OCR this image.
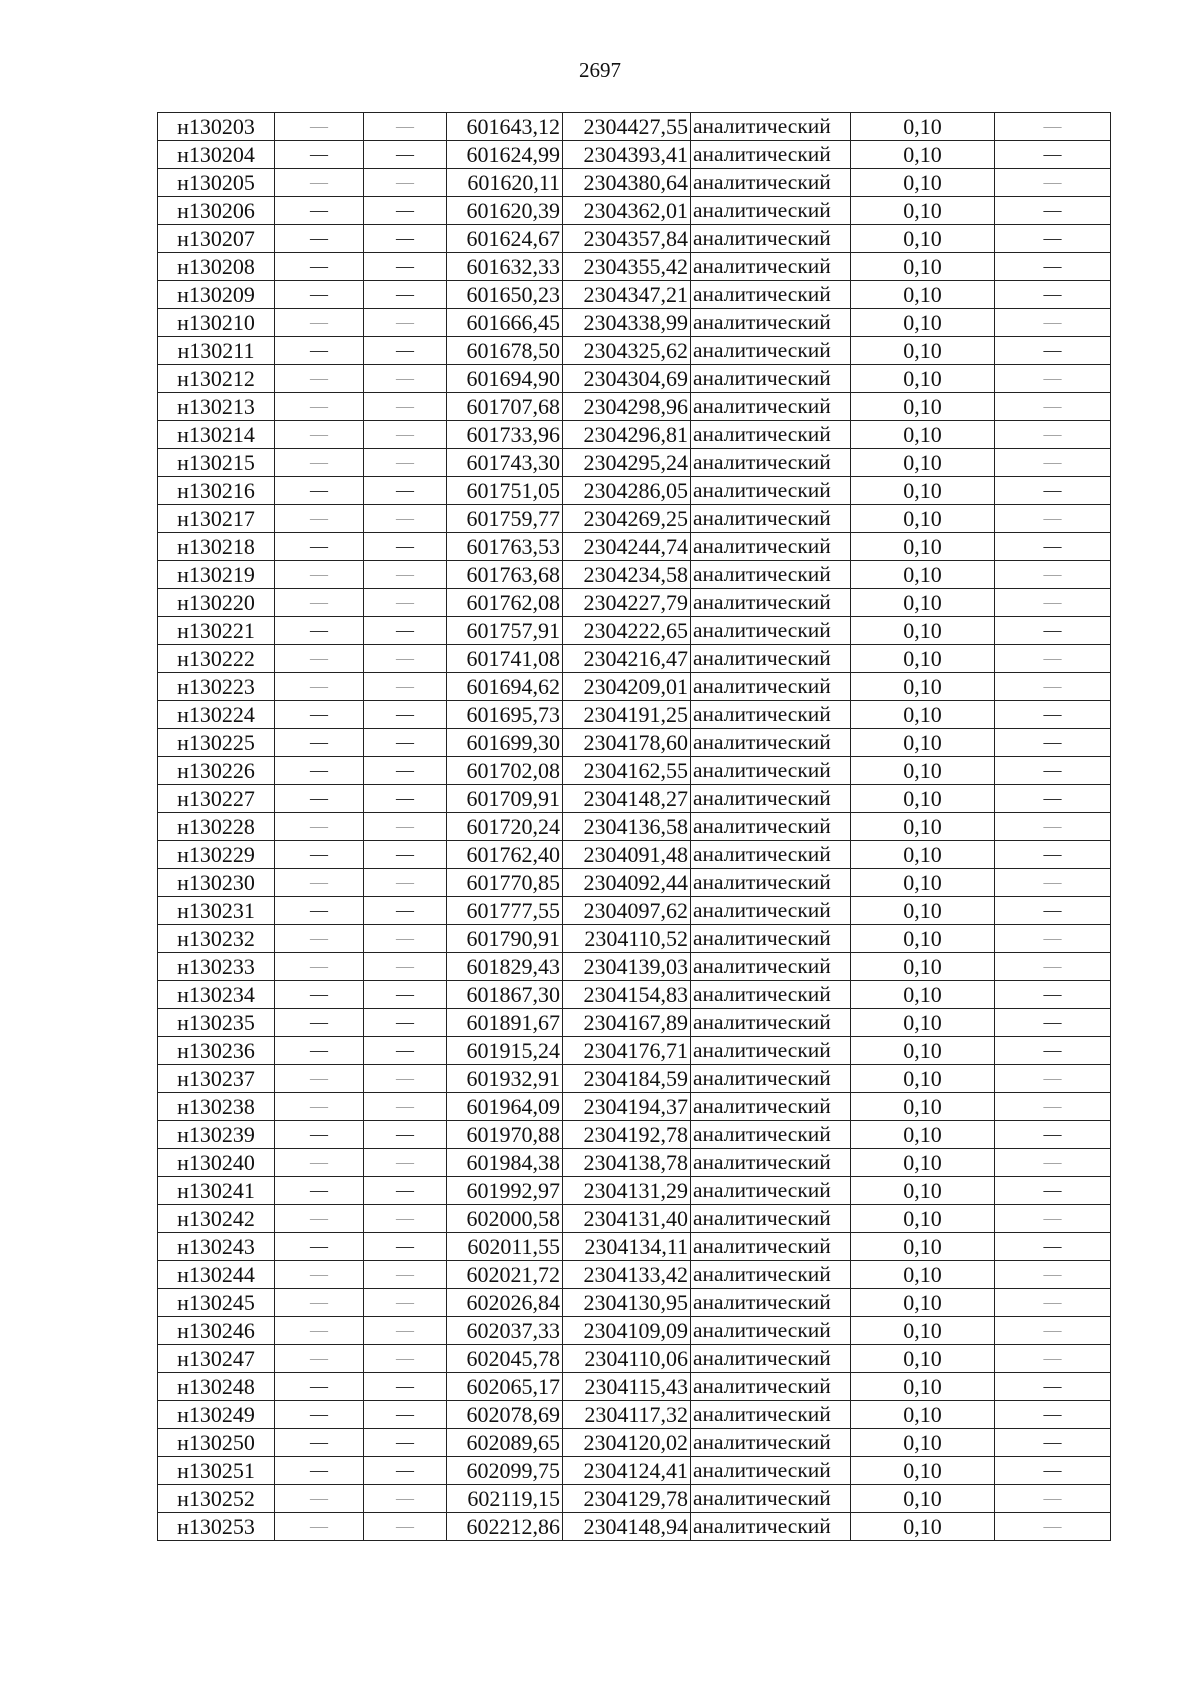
2697
н130203	—	—	601643,12	2304427,55	аналитический	0,10	—
н130204	—	—	601624,99	2304393,41	аналитический	0,10	—
н130205	—	—	601620,11	2304380,64	аналитический	0,10	—
н130206	—	—	601620,39	2304362,01	аналитический	0,10	—
н130207	—	—	601624,67	2304357,84	аналитический	0,10	—
н130208	—	—	601632,33	2304355,42	аналитический	0,10	—
н130209	—	—	601650,23	2304347,21	аналитический	0,10	—
н130210	—	—	601666,45	2304338,99	аналитический	0,10	—
н130211	—	—	601678,50	2304325,62	аналитический	0,10	—
н130212	—	—	601694,90	2304304,69	аналитический	0,10	—
н130213	—	—	601707,68	2304298,96	аналитический	0,10	—
н130214	—	—	601733,96	2304296,81	аналитический	0,10	—
н130215	—	—	601743,30	2304295,24	аналитический	0,10	—
н130216	—	—	601751,05	2304286,05	аналитический	0,10	—
н130217	—	—	601759,77	2304269,25	аналитический	0,10	—
н130218	—	—	601763,53	2304244,74	аналитический	0,10	—
н130219	—	—	601763,68	2304234,58	аналитический	0,10	—
н130220	—	—	601762,08	2304227,79	аналитический	0,10	—
н130221	—	—	601757,91	2304222,65	аналитический	0,10	—
н130222	—	—	601741,08	2304216,47	аналитический	0,10	—
н130223	—	—	601694,62	2304209,01	аналитический	0,10	—
н130224	—	—	601695,73	2304191,25	аналитический	0,10	—
н130225	—	—	601699,30	2304178,60	аналитический	0,10	—
н130226	—	—	601702,08	2304162,55	аналитический	0,10	—
н130227	—	—	601709,91	2304148,27	аналитический	0,10	—
н130228	—	—	601720,24	2304136,58	аналитический	0,10	—
н130229	—	—	601762,40	2304091,48	аналитический	0,10	—
н130230	—	—	601770,85	2304092,44	аналитический	0,10	—
н130231	—	—	601777,55	2304097,62	аналитический	0,10	—
н130232	—	—	601790,91	2304110,52	аналитический	0,10	—
н130233	—	—	601829,43	2304139,03	аналитический	0,10	—
н130234	—	—	601867,30	2304154,83	аналитический	0,10	—
н130235	—	—	601891,67	2304167,89	аналитический	0,10	—
н130236	—	—	601915,24	2304176,71	аналитический	0,10	—
н130237	—	—	601932,91	2304184,59	аналитический	0,10	—
н130238	—	—	601964,09	2304194,37	аналитический	0,10	—
н130239	—	—	601970,88	2304192,78	аналитический	0,10	—
н130240	—	—	601984,38	2304138,78	аналитический	0,10	—
н130241	—	—	601992,97	2304131,29	аналитический	0,10	—
н130242	—	—	602000,58	2304131,40	аналитический	0,10	—
н130243	—	—	602011,55	2304134,11	аналитический	0,10	—
н130244	—	—	602021,72	2304133,42	аналитический	0,10	—
н130245	—	—	602026,84	2304130,95	аналитический	0,10	—
н130246	—	—	602037,33	2304109,09	аналитический	0,10	—
н130247	—	—	602045,78	2304110,06	аналитический	0,10	—
н130248	—	—	602065,17	2304115,43	аналитический	0,10	—
н130249	—	—	602078,69	2304117,32	аналитический	0,10	—
н130250	—	—	602089,65	2304120,02	аналитический	0,10	—
н130251	—	—	602099,75	2304124,41	аналитический	0,10	—
н130252	—	—	602119,15	2304129,78	аналитический	0,10	—
н130253	—	—	602212,86	2304148,94	аналитический	0,10	—
